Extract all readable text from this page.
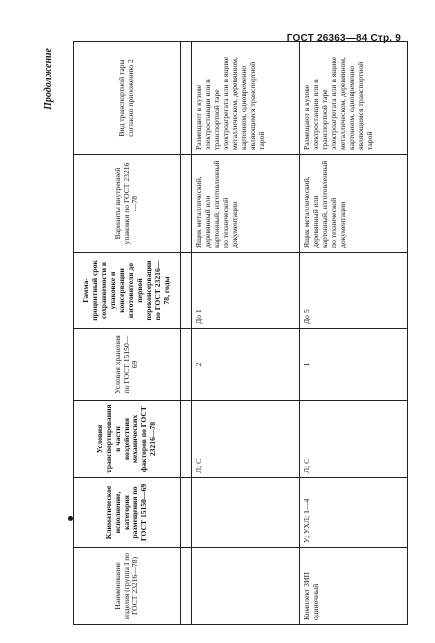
ГОСТ 26363—84 Стр. 9
Продолжение
Наименование изделия (группа I по ГОСТ 23216—78)	Климатическое исполнение, категория размещения по ГОСТ 15150—69	Условия транспортирования в части воздействия механических факторов по ГОСТ 23216—78	Условия хранения по ГОСТ 15150—69	Гамма-процентный срок сохраняемости в упаковке и консервации изготовителя до первой переконсервации по ГОСТ 23216—78, годы	Варианты внутренней упаковки по ГОСТ 23216—78	Вид транспортной тары согласно приложению 2

		Л; С	2	До 1	Ящик металлический, деревянный или картонный, изготовленный по технической документации	Размещают в кузове электростанции или в транспортной таре электроагрегата или в ящике металлическом, деревянном, картонном, одновременно являющимся транспортной тарой
Комплект ЗИП одиночный	У; УХЛ; 1—4	Л; С	1	До 5	Ящик металлический, деревянный или картонный, изготовленный по технической документации	Размещают в кузове электростанции или в транспортной таре электроагрегата или в ящике металлическом, деревянном, картонном, одновременно являющимся транспортной тарой
